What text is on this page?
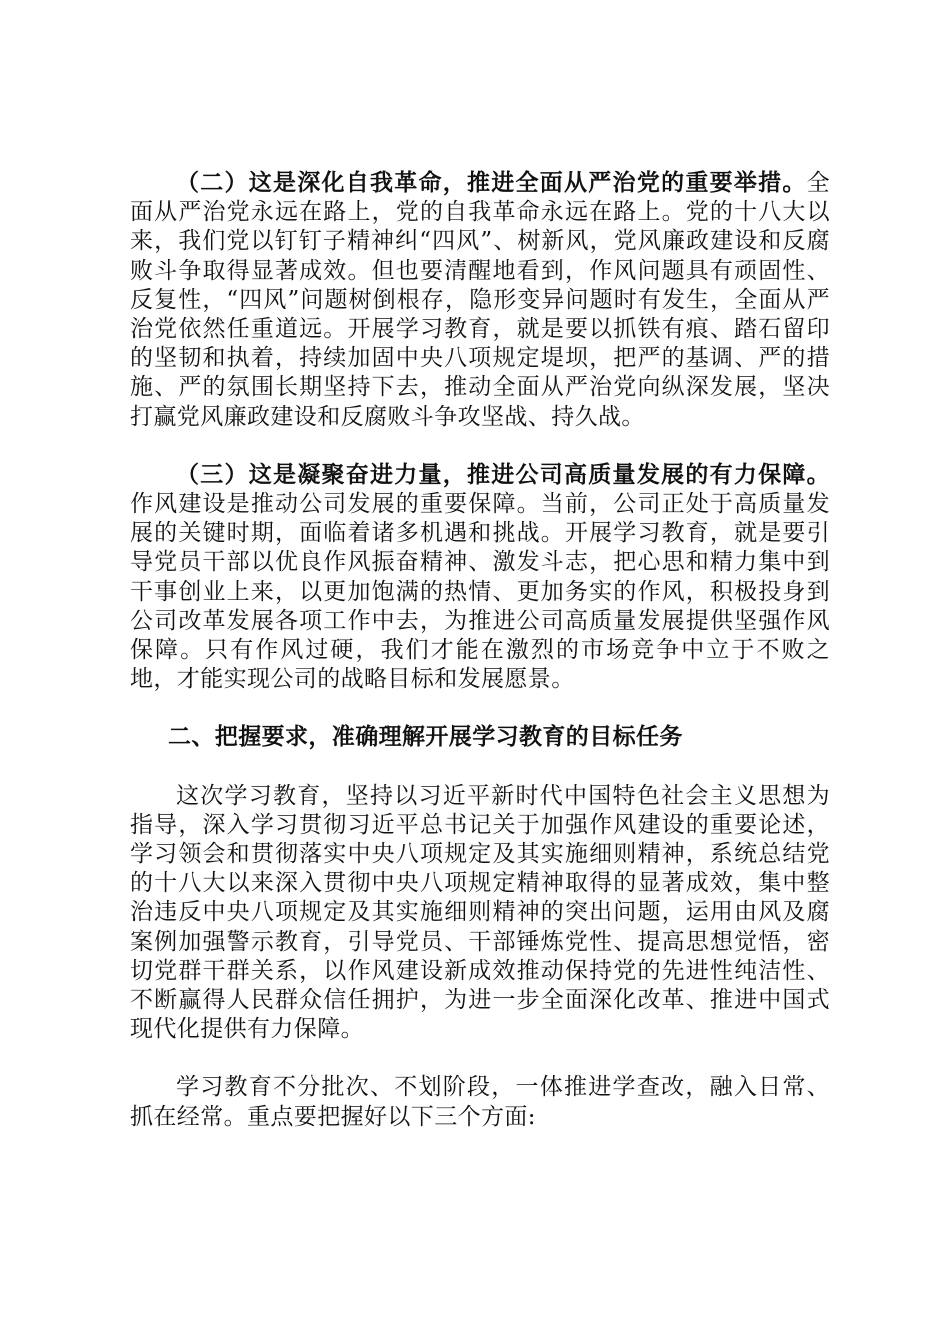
（二）这是深化自我革命，推进全面从严治党的重要举措。全面从严治党永远在路上，党的自我革命永远在路上。党的十八大以来，我们党以钉钉子精神纠“四风”、树新风，党风廉政建设和反腐败斗争取得显著成效。但也要清醒地看到，作风问题具有顽固性、反复性，“四风”问题树倒根存，隐形变异问题时有发生，全面从严治党依然任重道远。开展学习教育，就是要以抓铁有痕、踏石留印的坚韧和执着，持续加固中央八项规定堤坝，把严的基调、严的措施、严的氛围长期坚持下去，推动全面从严治党向纵深发展，坚决打赢党风廉政建设和反腐败斗争攻坚战、持久战。

（三）这是凝聚奋进力量，推进公司高质量发展的有力保障。作风建设是推动公司发展的重要保障。当前，公司正处于高质量发展的关键时期，面临着诸多机遇和挑战。开展学习教育，就是要引导党员干部以优良作风振奋精神、激发斗志，把心思和精力集中到干事创业上来，以更加饱满的热情、更加务实的作风，积极投身到公司改革发展各项工作中去，为推进公司高质量发展提供坚强作风保障。只有作风过硬，我们才能在激烈的市场竞争中立于不败之地，才能实现公司的战略目标和发展愿景。

二、把握要求，准确理解开展学习教育的目标任务

这次学习教育，坚持以习近平新时代中国特色社会主义思想为指导，深入学习贯彻习近平总书记关于加强作风建设的重要论述，学习领会和贯彻落实中央八项规定及其实施细则精神，系统总结党的十八大以来深入贯彻中央八项规定精神取得的显著成效，集中整治违反中央八项规定及其实施细则精神的突出问题，运用由风及腐案例加强警示教育，引导党员、干部锤炼党性、提高思想觉悟，密切党群干群关系，以作风建设新成效推动保持党的先进性纯洁性、不断赢得人民群众信任拥护，为进一步全面深化改革、推进中国式现代化提供有力保障。

学习教育不分批次、不划阶段，一体推进学查改，融入日常、抓在经常。重点要把握好以下三个方面:
